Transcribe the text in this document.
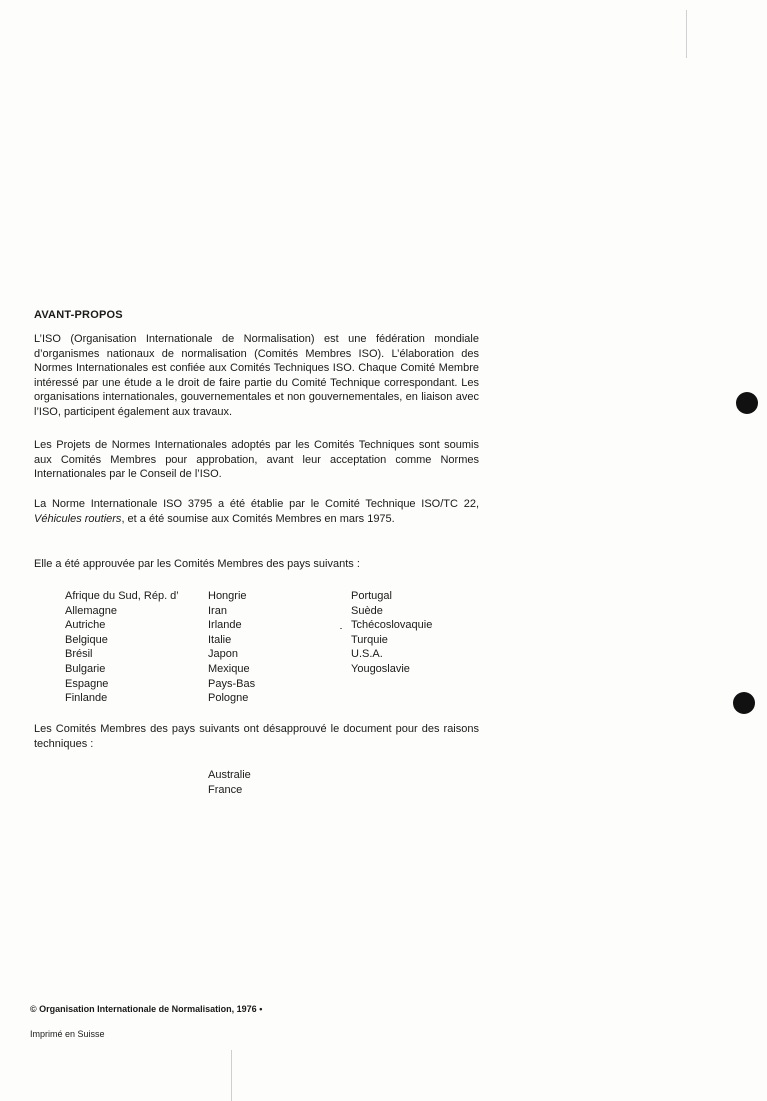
AVANT-PROPOS

L’ISO (Organisation Internationale de Normalisation) est une fédération mondiale d’organismes nationaux de normalisation (Comités Membres ISO). L’élaboration des Normes Internationales est confiée aux Comités Techniques ISO. Chaque Comité Membre intéressé par une étude a le droit de faire partie du Comité Technique correspondant. Les organisations internationales, gouvernementales et non gouvernementales, en liaison avec l’ISO, participent également aux travaux.

Les Projets de Normes Internationales adoptés par les Comités Techniques sont soumis aux Comités Membres pour approbation, avant leur acceptation comme Normes Internationales par le Conseil de l’ISO.

La Norme Internationale ISO 3795 a été établie par le Comité Technique ISO/TC 22, Véhicules routiers, et a été soumise aux Comités Membres en mars 1975.

Elle a été approuvée par les Comités Membres des pays suivants :

Afrique du Sud, Rép. d’
Allemagne
Autriche
Belgique
Brésil
Bulgarie
Espagne
Finlande
Hongrie
Iran
Irlande
Italie
Japon
Mexique
Pays-Bas
Pologne
Portugal
Suède
Tchécoslovaquie
Turquie
U.S.A.
Yougoslavie

Les Comités Membres des pays suivants ont désapprouvé le document pour des raisons techniques :

Australie
France
© Organisation Internationale de Normalisation, 1976 •
Imprimé en Suisse
